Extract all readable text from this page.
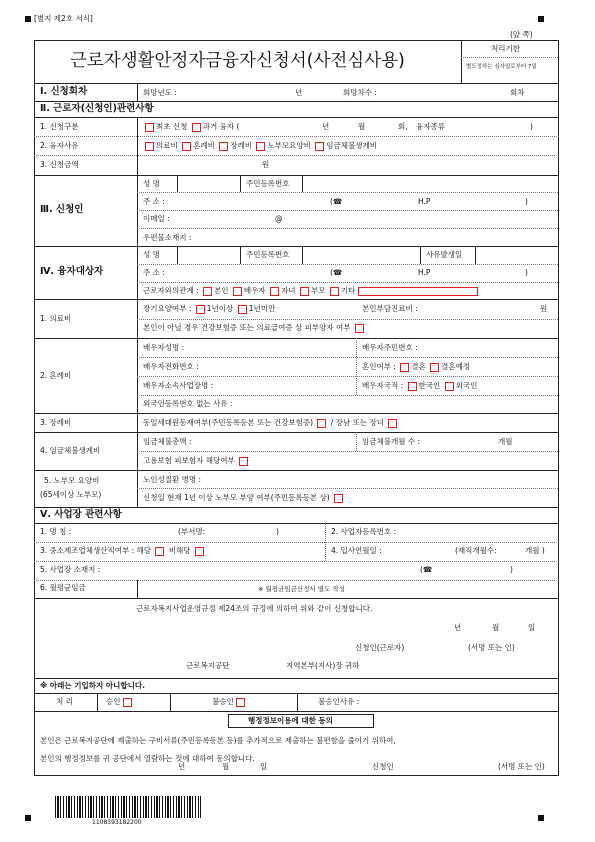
[별지 제2호 서식]
(앞 쪽)
근로자생활안정자금융자신청서(사전심사용)
처리기한
별도정하는 심사일로부터 7일
Ⅰ. 신청회차	회망년도 :	년	회망차수 :	회차
Ⅱ. 근로자(신청인)관련사항
1. 신청구분	최초 신청 과거 융자 (	년	월	회, 융자종류	)
2. 융자사유	의료비 혼례비 장례비 노부모요양비 임금체불생계비
3. 신청금액	원
Ⅲ. 신청인
성 명	주민등록번호
주 소 :	(☎	H.P	)
이메일 :	@
우편물소재지 :
Ⅳ. 융자대상자
성 명	주민등록번호	사유발생일
주 소 :	(☎	H.P	)
근로자와의관계 : 본인 배우자 자녀 부모 기타
1. 의료비
장기요양여부 : 1년이상 1년미만	본인부담진료비 :	원
본인이 아닐 경우 건강보험증 또는 의료급여증 상 피부양자 여부
2. 혼례비
배우자성명 :	배우자주민번호 :
배우자전화번호 :	혼인여부 : 결혼 결혼예정
배우자소속사업장명 :	배우자국적 : 한국인 외국인
외국인등록번호 없는 사유 :
3. 장례비	동일세대원동재여부(주민등록등본 또는 건강보험증) / 장남 또는 장녀
4. 임금체불생계비
임금체불총액 :	임금체불개월 수 :	개월
고용보험 피보험자 해당여부
5. 노부모 요양비
(65세이상 노부모)
노인성질환 병명 :
신청일 현재 1년 이상 노부모 부양 여부(주민등록등본 상)
Ⅴ. 사업장 관련사항
1. 명 칭 :	(부서명:	)	2. 사업자등록번호 :
3. 중소제조업체생산직여부 : 해당 비해당	4. 입사연월일 :	(재직개월수:	개월 )
5. 사업장 소재지 :	(☎	)
6. 월평균임금	※ 월평균임금산정서 별도 작성
근로자복지사업운영규정 제24조의 규정에 의하여 위와 같이 신청합니다.
년	월	일
신청인(근로자)	(서명 또는 인)
근로복지공단	지역본부(지사)장 귀하
※ 아래는 기입하지 아니합니다.
처 리	승인	불승인	불승인사유 :
행정정보이용에 대한 동의
본인은 근로복지공단에 제출하는 구비서류(주민등록등본 등)를 추가적으로 제출하는 불편함을 줄이기 위하여,
본인의 행정정보를 귀 공단에서 열람하는 것에 대하여 동의합니다.
년	월	일	신청인	(서명 또는 인)
1108393182200
